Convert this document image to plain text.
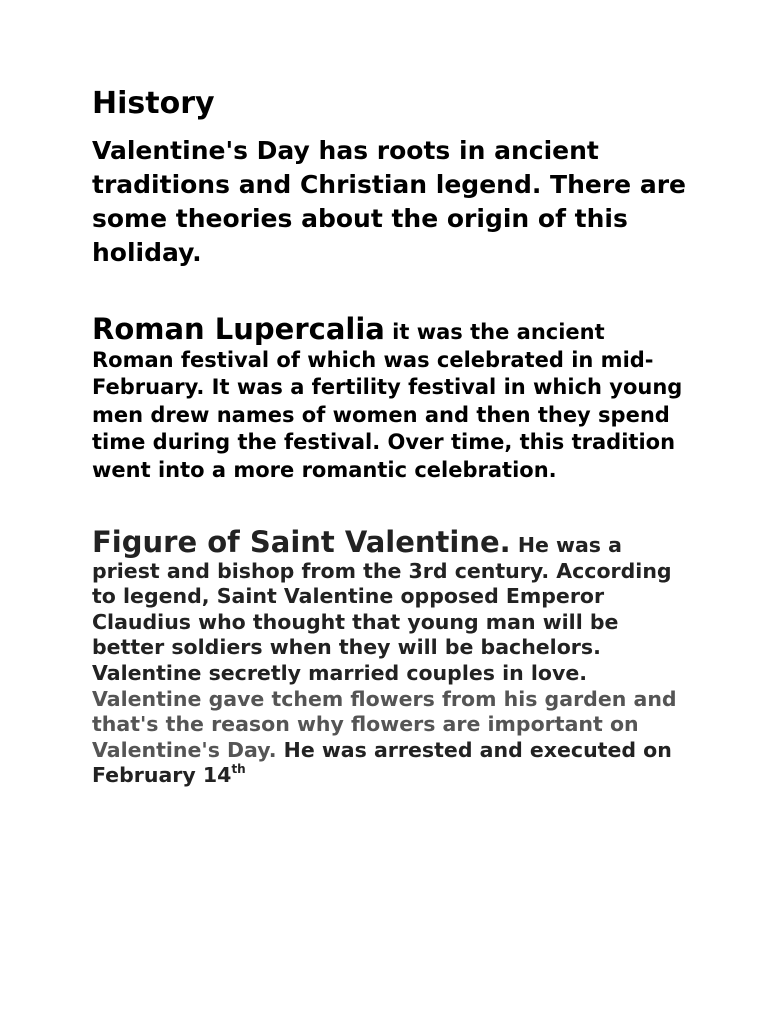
History

Valentine's Day has roots in ancient traditions and Christian legend. There are some theories about the origin of this holiday.

Roman Lupercalia it was the ancient Roman festival of which was celebrated in mid-February. It was a fertility festival in which young men drew names of women and then they spend time during the festival. Over time, this tradition went into a more romantic celebration.

Figure of Saint Valentine. He was a priest and bishop from the 3rd century. According to legend, Saint Valentine opposed Emperor Claudius who thought that young man will be better soldiers when they will be bachelors. Valentine secretly married couples in love. Valentine gave tchem flowers from his garden and that's the reason why flowers are important on Valentine's Day. He was arrested and executed on February 14th
